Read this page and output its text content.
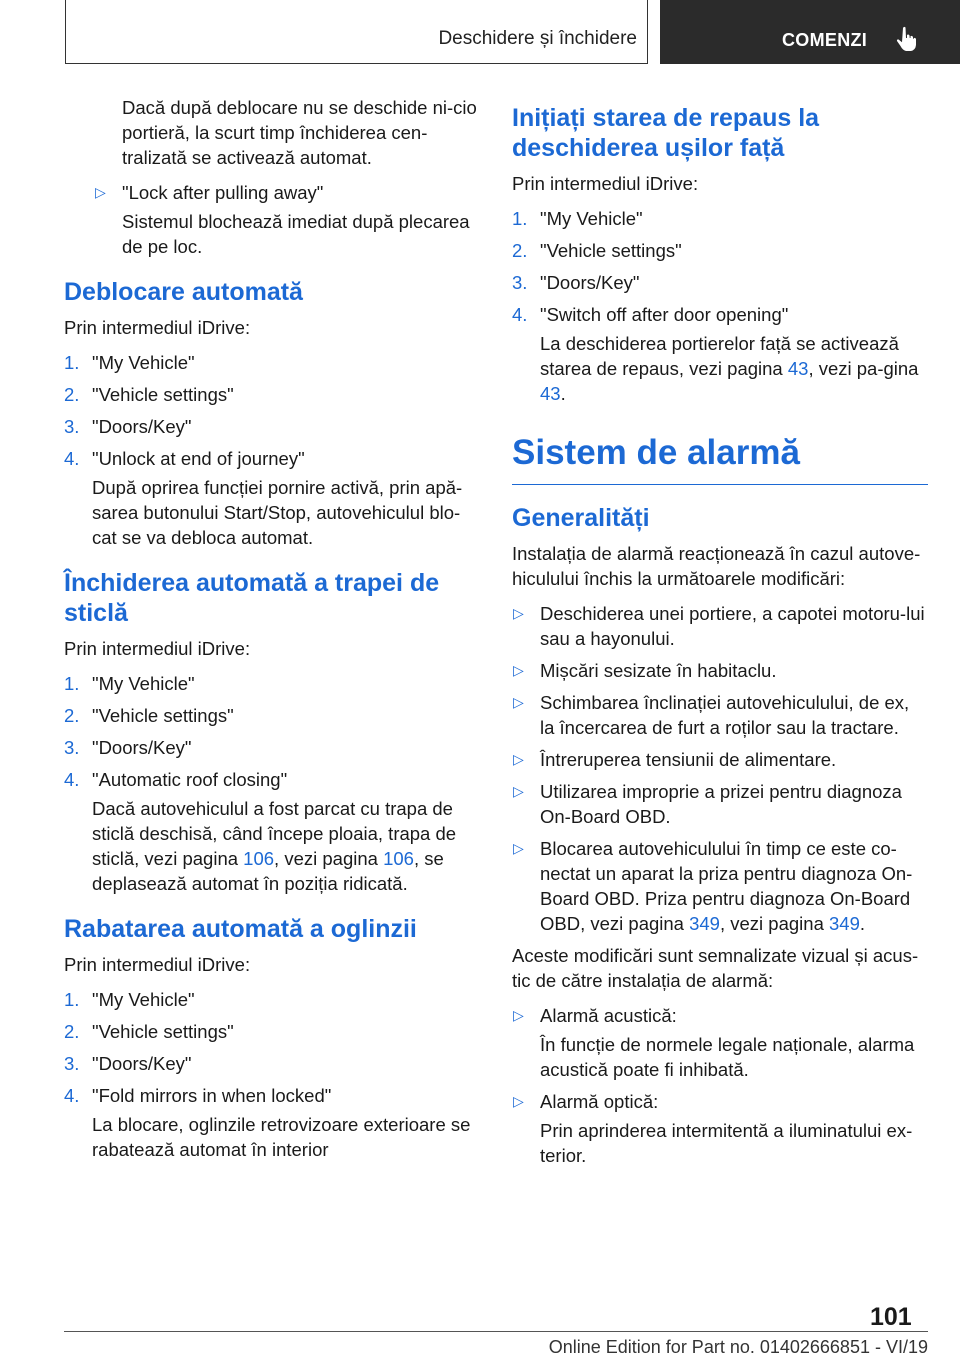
Deschidere și închidere	COMENZI

Dacă după deblocare nu se deschide ni-cio portieră, la scurt timp închiderea cen-tralizată se activează automat.

▷ "Lock after pulling away"
Sistemul blochează imediat după plecarea de pe loc.
Deblocare automată

Prin intermediul iDrive:

1. "My Vehicle"
2. "Vehicle settings"
3. "Doors/Key"
4. "Unlock at end of journey"
După oprirea funcției pornire activă, prin apă-sarea butonului Start/Stop, autovehiculul blo-cat se va debloca automat.
Închiderea automată a trapei de sticlă

Prin intermediul iDrive:

1. "My Vehicle"
2. "Vehicle settings"
3. "Doors/Key"
4. "Automatic roof closing"
Dacă autovehiculul a fost parcat cu trapa de sticlă deschisă, când începe ploaia, trapa de sticlă, vezi pagina 106, vezi pagina 106, se deplasează automat în poziția ridicată.
Rabatarea automată a oglinzii

Prin intermediul iDrive:

1. "My Vehicle"
2. "Vehicle settings"
3. "Doors/Key"
4. "Fold mirrors in when locked"
La blocare, oglinzile retrovizoare exterioare se rabatează automat în interior
Inițiați starea de repaus la deschiderea ușilor față

Prin intermediul iDrive:

1. "My Vehicle"
2. "Vehicle settings"
3. "Doors/Key"
4. "Switch off after door opening"
La deschiderea portierelor față se activează starea de repaus, vezi pagina 43, vezi pa-gina 43.
Sistem de alarmă
Generalități

Instalația de alarmă reacționează în cazul autove-hiculului închis la următoarele modificări:

▷ Deschiderea unei portiere, a capotei motoru-lui sau a hayonului.
▷ Mișcări sesizate în habitaclu.
▷ Schimbarea înclinației autovehiculului, de ex, la încercarea de furt a roților sau la tractare.
▷ Întreruperea tensiunii de alimentare.
▷ Utilizarea improprie a prizei pentru diagnoza On-Board OBD.
▷ Blocarea autovehiculului în timp ce este co-nectat un aparat la priza pentru diagnoza On-Board OBD. Priza pentru diagnoza On-Board OBD, vezi pagina 349, vezi pagina 349.

Aceste modificări sunt semnalizate vizual și acus-tic de către instalația de alarmă:

▷ Alarmă acustică:
În funcție de normele legale naționale, alarma acustică poate fi inhibată.
▷ Alarmă optică:
Prin aprinderea intermitentă a iluminatului ex-terior.
101
Online Edition for Part no. 01402666851 - VI/19
